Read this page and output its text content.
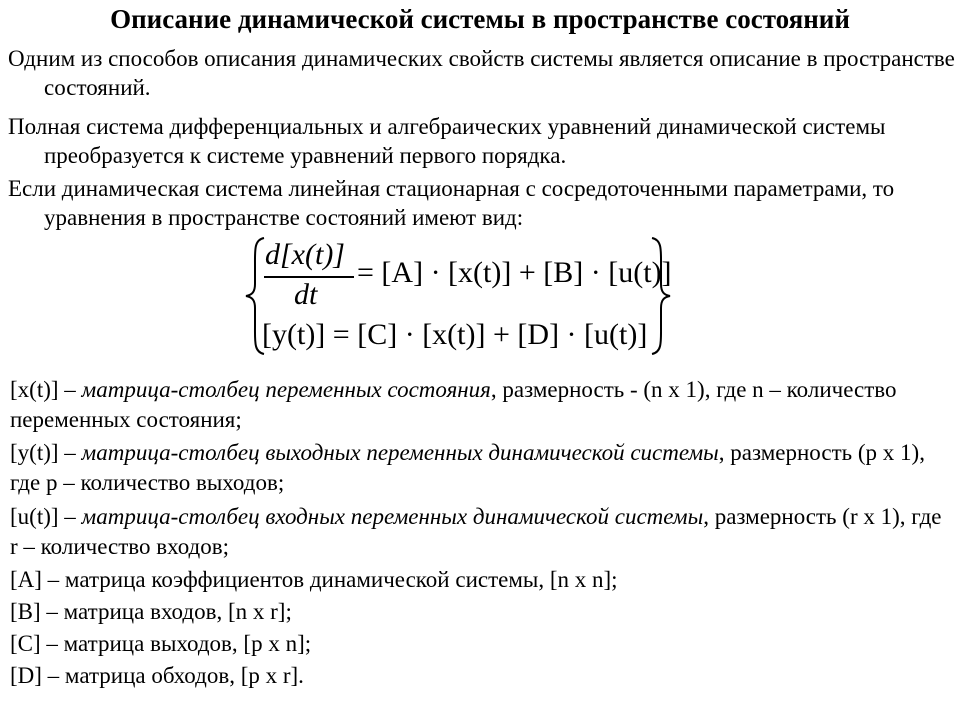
Описание динамической системы в пространстве состояний
Одним из способов описания динамических свойств системы является описание в пространстве состояний.
Полная система дифференциальных и алгебраических уравнений динамической системы преобразуется к системе уравнений первого порядка.
Если динамическая система линейная стационарная с сосредоточенными параметрами, то уравнения в пространстве состояний имеют вид:
d[x(t)]
dt
= [A] · [x(t)] + [B] · [u(t)]
[y(t)] = [C] · [x(t)] + [D] · [u(t)]
[x(t)] – матрица-столбец переменных состояния, размерность - (n x 1), где n – количество переменных состояния;
[y(t)] – матрица-столбец выходных переменных динамической системы, размерность (p x 1), где p – количество выходов;
[u(t)] – матрица-столбец входных переменных динамической системы, размерность (r x 1), где r – количество входов;
[A] – матрица коэффициентов динамической системы, [n x n];
[B] – матрица входов, [n x r];
[C] – матрица выходов, [p x n];
[D] – матрица обходов, [p x r].
